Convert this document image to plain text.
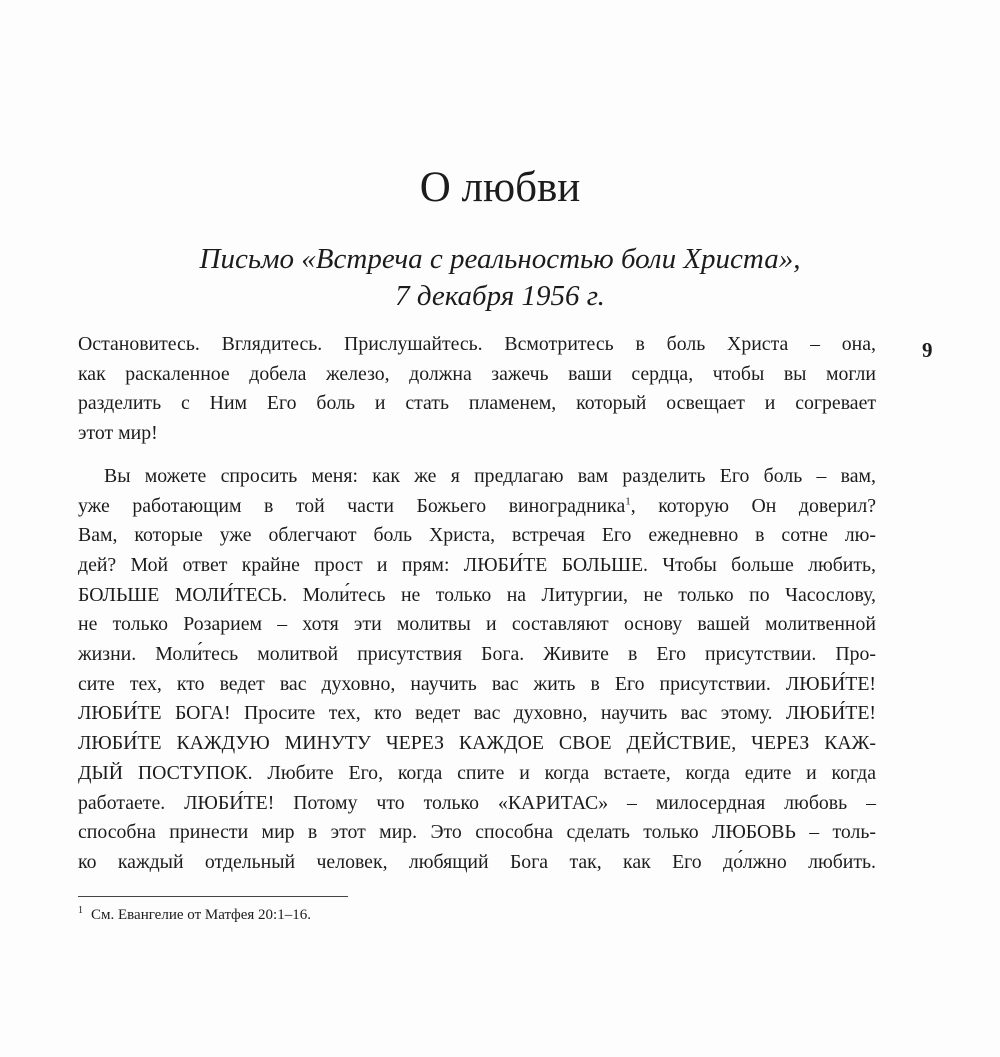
О любви
Письмо «Встреча с реальностью боли Христа»,
7 декабря 1956 г.
9

Остановитесь. Вглядитесь. Прислушайтесь. Всмотритесь в боль Христа – она,
как раскаленное добела железо, должна зажечь ваши сердца, чтобы вы могли
разделить с Ним Его боль и стать пламенем, который освещает и согревает
этот мир!

Вы можете спросить меня: как же я предлагаю вам разделить Его боль – вам,
уже работающим в той части Божьего виноградника$^1$, которую Он доверил?
Вам, которые уже облегчают боль Христа, встречая Его ежедневно в сотне лю-
дей? Мой ответ крайне прост и прям: ЛЮБИ́ТЕ БОЛЬШЕ. Чтобы больше любить,
БОЛЬШЕ МОЛИ́ТЕСЬ. Моли́тесь не только на Литургии, не только по Часослову,
не только Розарием – хотя эти молитвы и составляют основу вашей молитвенной
жизни. Моли́тесь молитвой присутствия Бога. Живите в Его присутствии. Про-
сите тех, кто ведет вас духовно, научить вас жить в Его присутствии. ЛЮБИ́ТЕ!
ЛЮБИ́ТЕ БОГА! Просите тех, кто ведет вас духовно, научить вас этому. ЛЮБИ́ТЕ!
ЛЮБИ́ТЕ КАЖДУЮ МИНУТУ ЧЕРЕЗ КАЖДОЕ СВОЕ ДЕЙСТВИЕ, ЧЕРЕЗ КАЖ-
ДЫЙ ПОСТУПОК. Любите Его, когда спите и когда встаете, когда едите и когда
работаете. ЛЮБИ́ТЕ! Потому что только «КАРИТАС» – милосердная любовь –
способна принести мир в этот мир. Это способна сделать только ЛЮБОВЬ – толь-
ко каждый отдельный человек, любящий Бога так, как Его до́лжно любить.

$^1$ См. Евангелие от Матфея 20:1–16.
